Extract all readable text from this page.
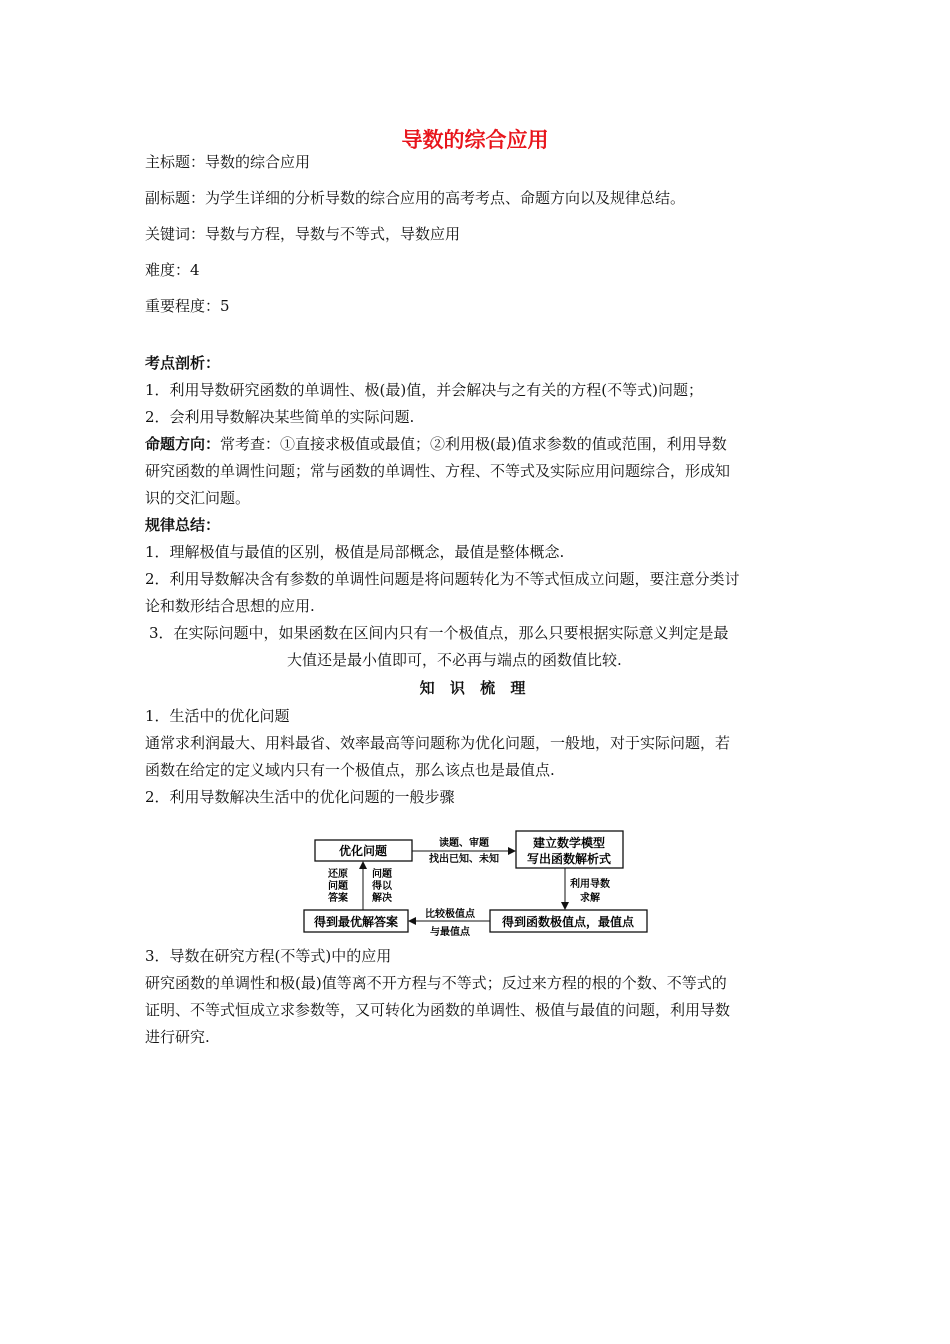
导数的综合应用
主标题：导数的综合应用
副标题：为学生详细的分析导数的综合应用的高考考点、命题方向以及规律总结。
关键词：导数与方程，导数与不等式，导数应用
难度：4
重要程度：5
考点剖析：
1．利用导数研究函数的单调性、极(最)值，并会解决与之有关的方程(不等式)问题；
2．会利用导数解决某些简单的实际问题.
命题方向：常考查：①直接求极值或最值；②利用极(最)值求参数的值或范围，利用导数
研究函数的单调性问题；常与函数的单调性、方程、不等式及实际应用问题综合，形成知
识的交汇问题。
规律总结：
1．理解极值与最值的区别，极值是局部概念，最值是整体概念.
2．利用导数解决含有参数的单调性问题是将问题转化为不等式恒成立问题，要注意分类讨
论和数形结合思想的应用.
3．在实际问题中，如果函数在区间内只有一个极值点，那么只要根据实际意义判定是最
大值还是最小值即可，不必再与端点的函数值比较.
知 识 梳 理
1．生活中的优化问题
通常求利润最大、用料最省、效率最高等问题称为优化问题，一般地，对于实际问题，若
函数在给定的定义域内只有一个极值点，那么该点也是最值点.
2．利用导数解决生活中的优化问题的一般步骤
优化问题
建立数学模型
写出函数解析式
得到函数极值点，最值点
得到最优解答案
读题、审题
找出已知、未知
利用导数
求解
比较极值点
与最值点
还原
问题
答案
问题
得以
解决
3．导数在研究方程(不等式)中的应用
研究函数的单调性和极(最)值等离不开方程与不等式；反过来方程的根的个数、不等式的
证明、不等式恒成立求参数等，又可转化为函数的单调性、极值与最值的问题，利用导数
进行研究.
